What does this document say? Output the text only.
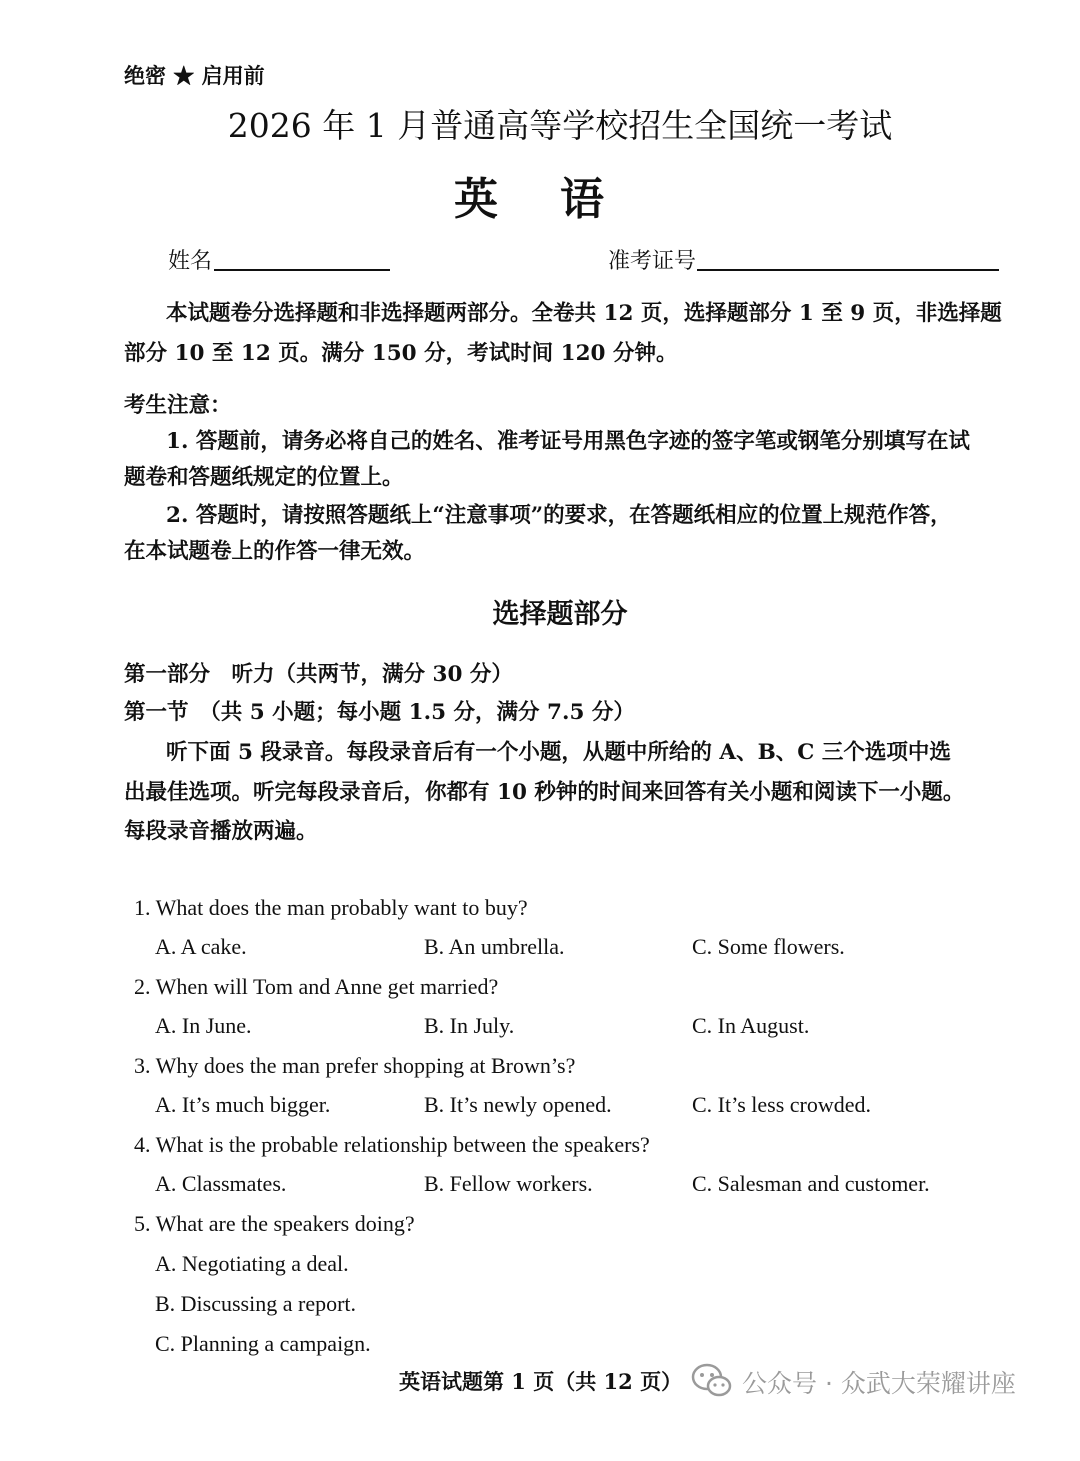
绝密 ★ 启用前
2026 年 1 月普通高等学校招生全国统一考试
英语
姓名	准考证号
本试题卷分选择题和非选择题两部分。全卷共 12 页，选择题部分 1 至 9 页，非选择题
部分 10 至 12 页。满分 150 分，考试时间 120 分钟。
考生注意：
1. 答题前，请务必将自己的姓名、准考证号用黑色字迹的签字笔或钢笔分别填写在试
题卷和答题纸规定的位置上。
2. 答题时，请按照答题纸上“注意事项”的要求，在答题纸相应的位置上规范作答，
在本试题卷上的作答一律无效。
选择题部分
第一部分　听力（共两节，满分 30 分）
第一节　（共 5 小题；每小题 1.5 分，满分 7.5 分）
听下面 5 段录音。每段录音后有一个小题，从题中所给的 A、B、C 三个选项中选
出最佳选项。听完每段录音后，你都有 10 秒钟的时间来回答有关小题和阅读下一小题。
每段录音播放两遍。
1. What does the man probably want to buy?
A. A cake.	B. An umbrella.	C. Some flowers.
2. When will Tom and Anne get married?
A. In June.	B. In July.	C. In August.
3. Why does the man prefer shopping at Brown’s?
A. It’s much bigger.	B. It’s newly opened.	C. It’s less crowded.
4. What is the probable relationship between the speakers?
A. Classmates.	B. Fellow workers.	C. Salesman and customer.
5. What are the speakers doing?
A. Negotiating a deal.
B. Discussing a report.
C. Planning a campaign.
英语试题第 1 页（共 12 页） 公众号 · 众武大荣耀讲座
